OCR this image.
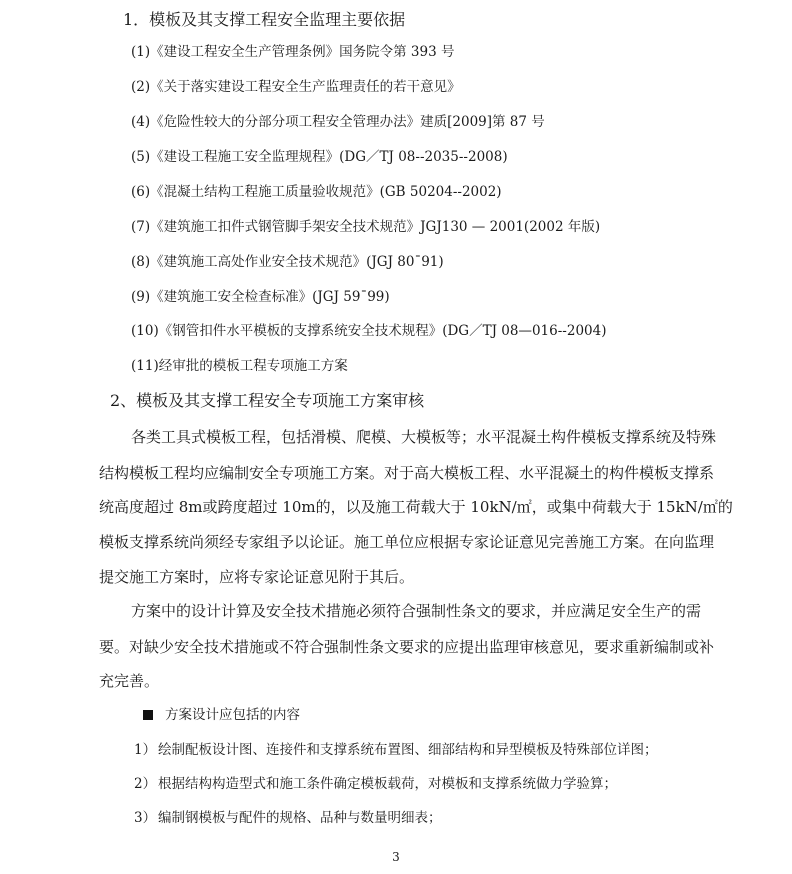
1．模板及其支撑工程安全监理主要依据
(1)《建设工程安全生产管理条例》国务院令第 393 号
(2)《关于落实建设工程安全生产监理责任的若干意见》
(4)《危险性较大的分部分项工程安全管理办法》建质[2009]第 87 号
(5)《建设工程施工安全监理规程》(DG／TJ 08--2035--2008)
(6)《混凝土结构工程施工质量验收规范》(GB 50204--2002)
(7)《建筑施工扣件式钢管脚手架安全技术规范》JGJ130 — 2001(2002 年版)
(8)《建筑施工高处作业安全技术规范》(JGJ 80¯91)
(9)《建筑施工安全检查标准》(JGJ 59¯99)
(10)《钢管扣件水平模板的支撑系统安全技术规程》(DG／TJ 08—016--2004)
(11)经审批的模板工程专项施工方案
2、模板及其支撑工程安全专项施工方案审核
各类工具式模板工程，包括滑模、爬模、大模板等；水平混凝土构件模板支撑系统及特殊
结构模板工程均应编制安全专项施工方案。对于高大模板工程、水平混凝土的构件模板支撑系
统高度超过 8m或跨度超过 10m的，以及施工荷载大于 10kN/㎡，或集中荷载大于 15kN/㎡的
模板支撑系统尚须经专家组予以论证。施工单位应根据专家论证意见完善施工方案。在向监理
提交施工方案时，应将专家论证意见附于其后。
方案中的设计计算及安全技术措施必须符合强制性条文的要求，并应满足安全生产的需
要。对缺少安全技术措施或不符合强制性条文要求的应提出监理审核意见，要求重新编制或补
充完善。
方案设计应包括的内容
1） 绘制配板设计图、连接件和支撑系统布置图、细部结构和异型模板及特殊部位详图；
2） 根据结构构造型式和施工条件确定模板载荷，对模板和支撑系统做力学验算；
3） 编制钢模板与配件的规格、品种与数量明细表；
3
